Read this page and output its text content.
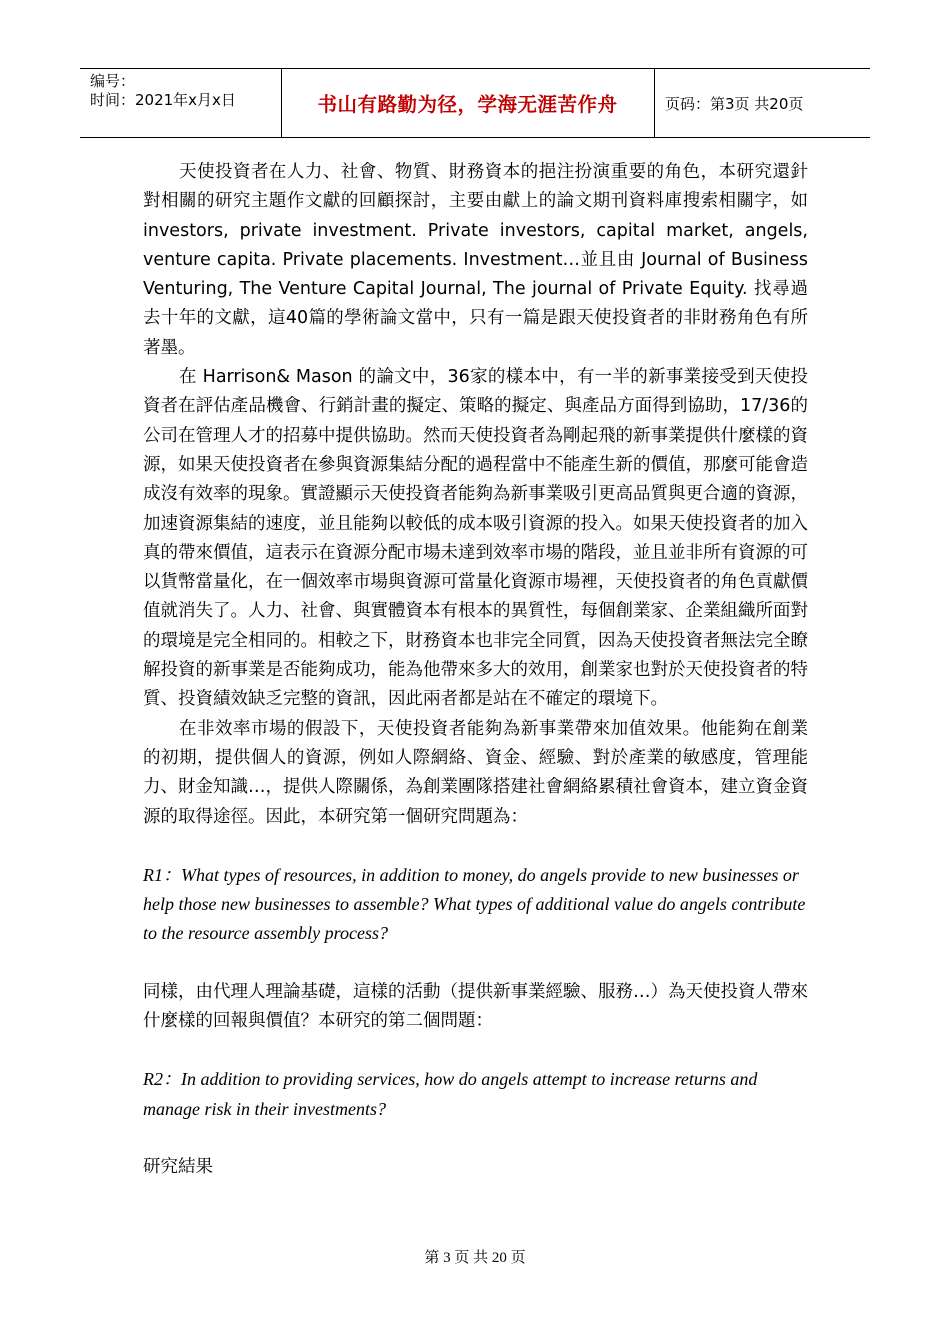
编号：
时间：2021年x月x日	书山有路勤为径，学海无涯苦作舟	页码：第3页 共20页

天使投資者在人力、社會、物質、財務資本的挹注扮演重要的角色，本研究還針對相關的研究主題作文獻的回顧探討，主要由獻上的論文期刊資料庫搜索相關字，如 investors, private investment. Private investors, capital market, angels, venture capita. Private placements. Investment…並且由 Journal of Business Venturing, The Venture Capital Journal, The journal of Private Equity. 找尋過去十年的文獻，這40篇的學術論文當中，只有一篇是跟天使投資者的非財務角色有所著墨。

在 Harrison& Mason 的論文中，36家的樣本中，有一半的新事業接受到天使投資者在評估產品機會、行銷計畫的擬定、策略的擬定、與產品方面得到協助，17/36的公司在管理人才的招募中提供協助。然而天使投資者為剛起飛的新事業提供什麼樣的資源，如果天使投資者在參與資源集結分配的過程當中不能產生新的價值，那麼可能會造成沒有效率的現象。實證顯示天使投資者能夠為新事業吸引更高品質與更合適的資源，加速資源集結的速度，並且能夠以較低的成本吸引資源的投入。如果天使投資者的加入真的帶來價值，這表示在資源分配市場未達到效率市場的階段，並且並非所有資源的可以貨幣當量化，在一個效率市場與資源可當量化資源市場裡，天使投資者的角色貢獻價值就消失了。人力、社會、與實體資本有根本的異質性，每個創業家、企業組織所面對的環境是完全相同的。相較之下，財務資本也非完全同質，因為天使投資者無法完全瞭解投資的新事業是否能夠成功，能為他帶來多大的效用，創業家也對於天使投資者的特質、投資績效缺乏完整的資訊，因此兩者都是站在不確定的環境下。

在非效率市場的假設下，天使投資者能夠為新事業帶來加值效果。他能夠在創業的初期，提供個人的資源，例如人際網絡、資金、經驗、對於產業的敏感度，管理能力、財金知識…，提供人際關係，為創業團隊搭建社會網絡累積社會資本，建立資金資源的取得途徑。因此，本研究第一個研究問題為：

R1：What types of resources, in addition to money, do angels provide to new businesses or help those new businesses to assemble? What types of additional value do angels contribute to the resource assembly process?

同樣，由代理人理論基礎，這樣的活動（提供新事業經驗、服務…）為天使投資人帶來什麼樣的回報與價值？本研究的第二個問題：

R2：In addition to providing services, how do angels attempt to increase returns and manage risk in their investments?

研究結果

第 3 页 共 20 页
